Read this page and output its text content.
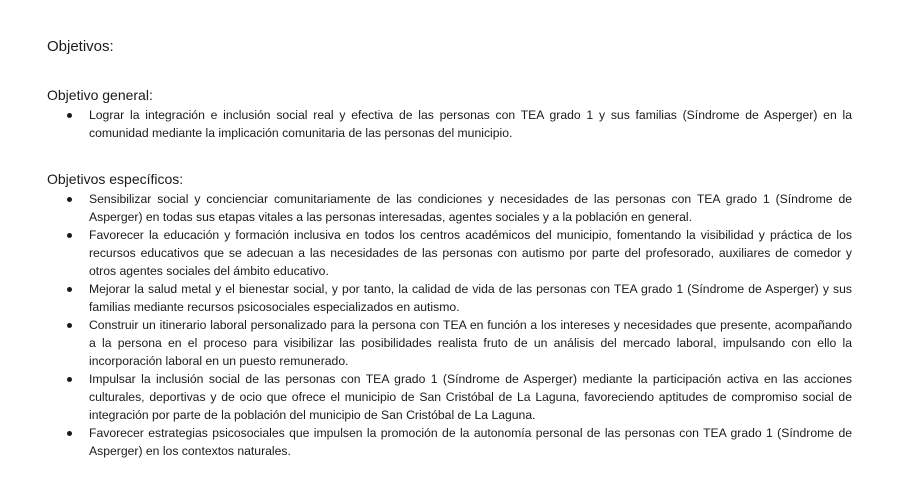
Objetivos:
Objetivo general:
Lograr la integración e inclusión social real y efectiva de las personas con TEA grado 1 y sus familias (Síndrome de Asperger) en la comunidad mediante la implicación comunitaria de las personas del municipio.
Objetivos específicos:
Sensibilizar social y concienciar comunitariamente de las condiciones y necesidades de las personas con TEA grado 1 (Síndrome de Asperger) en todas sus etapas vitales a las personas interesadas, agentes sociales y a la población en general.
Favorecer la educación y formación inclusiva en todos los centros académicos del municipio, fomentando la visibilidad y práctica de los recursos educativos que se adecuan a las necesidades de las personas con autismo por parte del profesorado, auxiliares de comedor y otros agentes sociales del ámbito educativo.
Mejorar la salud metal y el bienestar social, y por tanto, la calidad de vida de las personas con TEA grado 1 (Síndrome de Asperger) y sus familias mediante recursos psicosociales especializados en autismo.
Construir un itinerario laboral personalizado para la persona con TEA en función a los intereses y necesidades que presente, acompañando a la persona en el proceso para visibilizar las posibilidades realista fruto de un análisis del mercado laboral, impulsando con ello la incorporación laboral en un puesto remunerado.
Impulsar la inclusión social de las personas con TEA grado 1 (Síndrome de Asperger) mediante la participación activa en las acciones culturales, deportivas y de ocio que ofrece el municipio de San Cristóbal de La Laguna, favoreciendo aptitudes de compromiso social de integración por parte de la población del municipio de San Cristóbal de La Laguna.
Favorecer estrategias psicosociales que impulsen la promoción de la autonomía personal de las personas con TEA grado 1 (Síndrome de Asperger) en los contextos naturales.
